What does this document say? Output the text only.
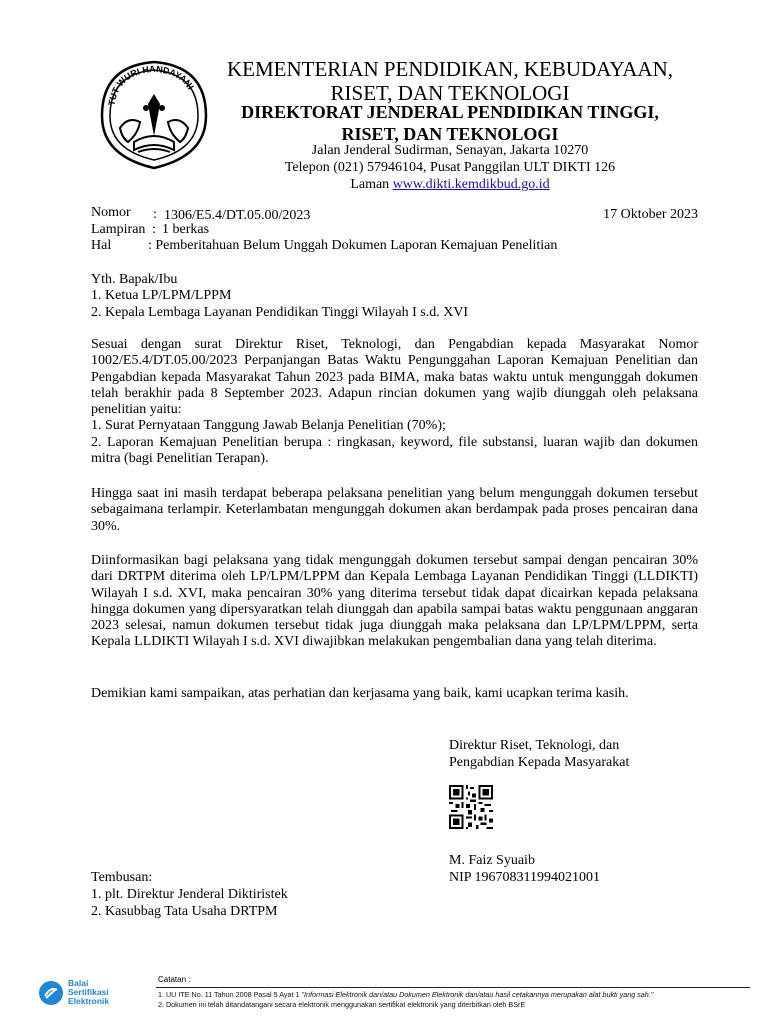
TUT WURI HANDAYANI
KEMENTERIAN PENDIDIKAN, KEBUDAYAAN,
RISET, DAN TEKNOLOGI
DIREKTORAT JENDERAL PENDIDIKAN TINGGI,
RISET, DAN TEKNOLOGI
Jalan Jenderal Sudirman, Senayan, Jakarta 10270
Telepon (021) 57946104, Pusat Panggilan ULT DIKTI 126
Laman www.dikti.kemdikbud.go.id
Nomor : 1306/E5.4/DT.05.00/2023	17 Oktober 2023
Lampiran : 1 berkas
Hal	: Pemberitahuan Belum Unggah Dokumen Laporan Kemajuan Penelitian
Yth. Bapak/Ibu
1. Ketua LP/LPM/LPPM
2. Kepala Lembaga Layanan Pendidikan Tinggi Wilayah I s.d. XVI
Sesuai dengan surat Direktur Riset, Teknologi, dan Pengabdian kepada Masyarakat Nomor 1002/E5.4/DT.05.00/2023 Perpanjangan Batas Waktu Pengunggahan Laporan Kemajuan Penelitian dan Pengabdian kepada Masyarakat Tahun 2023 pada BIMA, maka batas waktu untuk mengunggah dokumen telah berakhir pada 8 September 2023. Adapun rincian dokumen yang wajib diunggah oleh pelaksana penelitian yaitu:
1. Surat Pernyataan Tanggung Jawab Belanja Penelitian (70%);
2. Laporan Kemajuan Penelitian berupa : ringkasan, keyword, file substansi, luaran wajib dan dokumen mitra (bagi Penelitian Terapan).
Hingga saat ini masih terdapat beberapa pelaksana penelitian yang belum mengunggah dokumen tersebut sebagaimana terlampir. Keterlambatan mengunggah dokumen akan berdampak pada proses pencairan dana 30%.
Diinformasikan bagi pelaksana yang tidak mengunggah dokumen tersebut sampai dengan pencairan 30% dari DRTPM diterima oleh LP/LPM/LPPM dan Kepala Lembaga Layanan Pendidikan Tinggi (LLDIKTI) Wilayah I s.d. XVI, maka pencairan 30% yang diterima tersebut tidak dapat dicairkan kepada pelaksana hingga dokumen yang dipersyaratkan telah diunggah dan apabila sampai batas waktu penggunaan anggaran 2023 selesai, namun dokumen tersebut tidak juga diunggah maka pelaksana dan LP/LPM/LPPM, serta Kepala LLDIKTI Wilayah I s.d. XVI diwajibkan melakukan pengembalian dana yang telah diterima.
Demikian kami sampaikan, atas perhatian dan kerjasama yang baik, kami ucapkan terima kasih.
Direktur Riset, Teknologi, dan
Pengabdian Kepada Masyarakat
M. Faiz Syuaib
NIP 196708311994021001
Tembusan:
1. plt. Direktur Jenderal Diktiristek
2. Kasubbag Tata Usaha DRTPM
Balai
Sertifikasi
Elektronik
Catatan :
1. UU ITE No. 11 Tahun 2008 Pasal 5 Ayat 1 "Informasi Elektronik dan/atau Dokumen Elektronik dan/atau hasil cetakannya merupakan alat bukti yang sah."
2. Dokumen ini telah ditandatangani secara elektronik menggunakan sertifikat elektronik yang diterbitkan oleh BSrE
